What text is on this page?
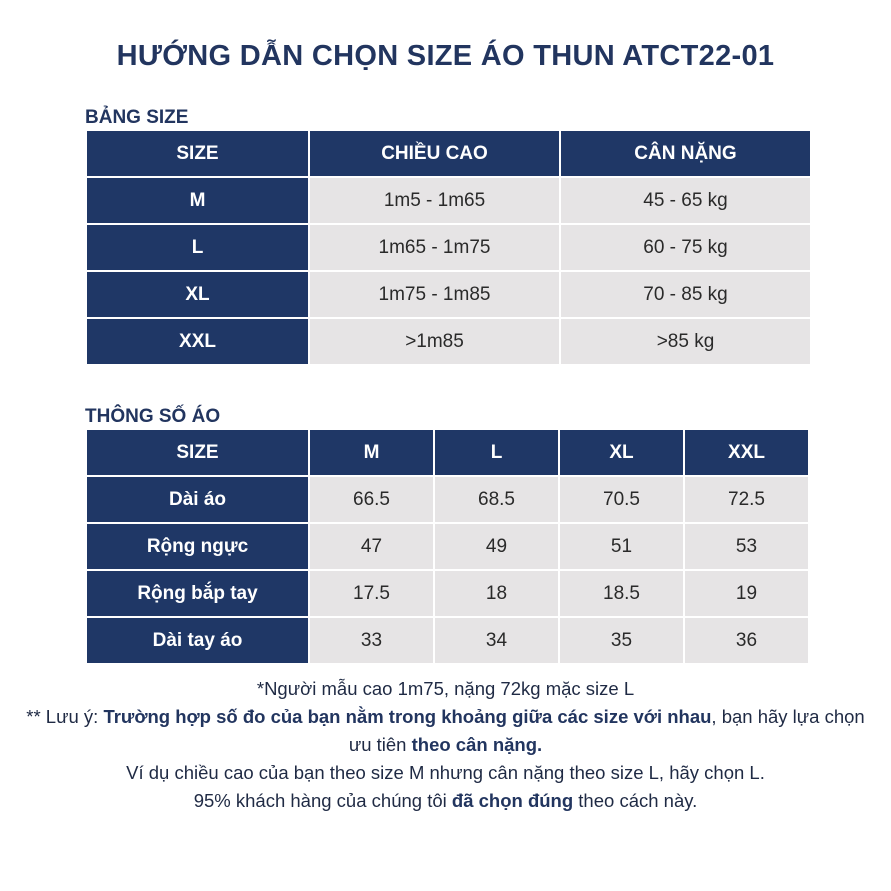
HƯỚNG DẪN CHỌN SIZE ÁO THUN ATCT22-01
BẢNG SIZE
SIZE	CHIỀU CAO	CÂN NẶNG
M	1m5 - 1m65	45 - 65 kg
L	1m65 - 1m75	60 - 75 kg
XL	1m75 - 1m85	70 - 85 kg
XXL	>1m85	>85 kg
THÔNG SỐ ÁO
SIZE	M	L	XL	XXL
Dài áo	66.5	68.5	70.5	72.5
Rộng ngực	47	49	51	53
Rộng bắp tay	17.5	18	18.5	19
Dài tay áo	33	34	35	36

*Người mẫu cao 1m75, nặng 72kg mặc size L

** Lưu ý: Trường hợp số đo của bạn nằm trong khoảng giữa các size với nhau, bạn hãy lựa chọn ưu tiên theo cân nặng.

Ví dụ chiều cao của bạn theo size M nhưng cân nặng theo size L, hãy chọn L.

95% khách hàng của chúng tôi đã chọn đúng theo cách này.
